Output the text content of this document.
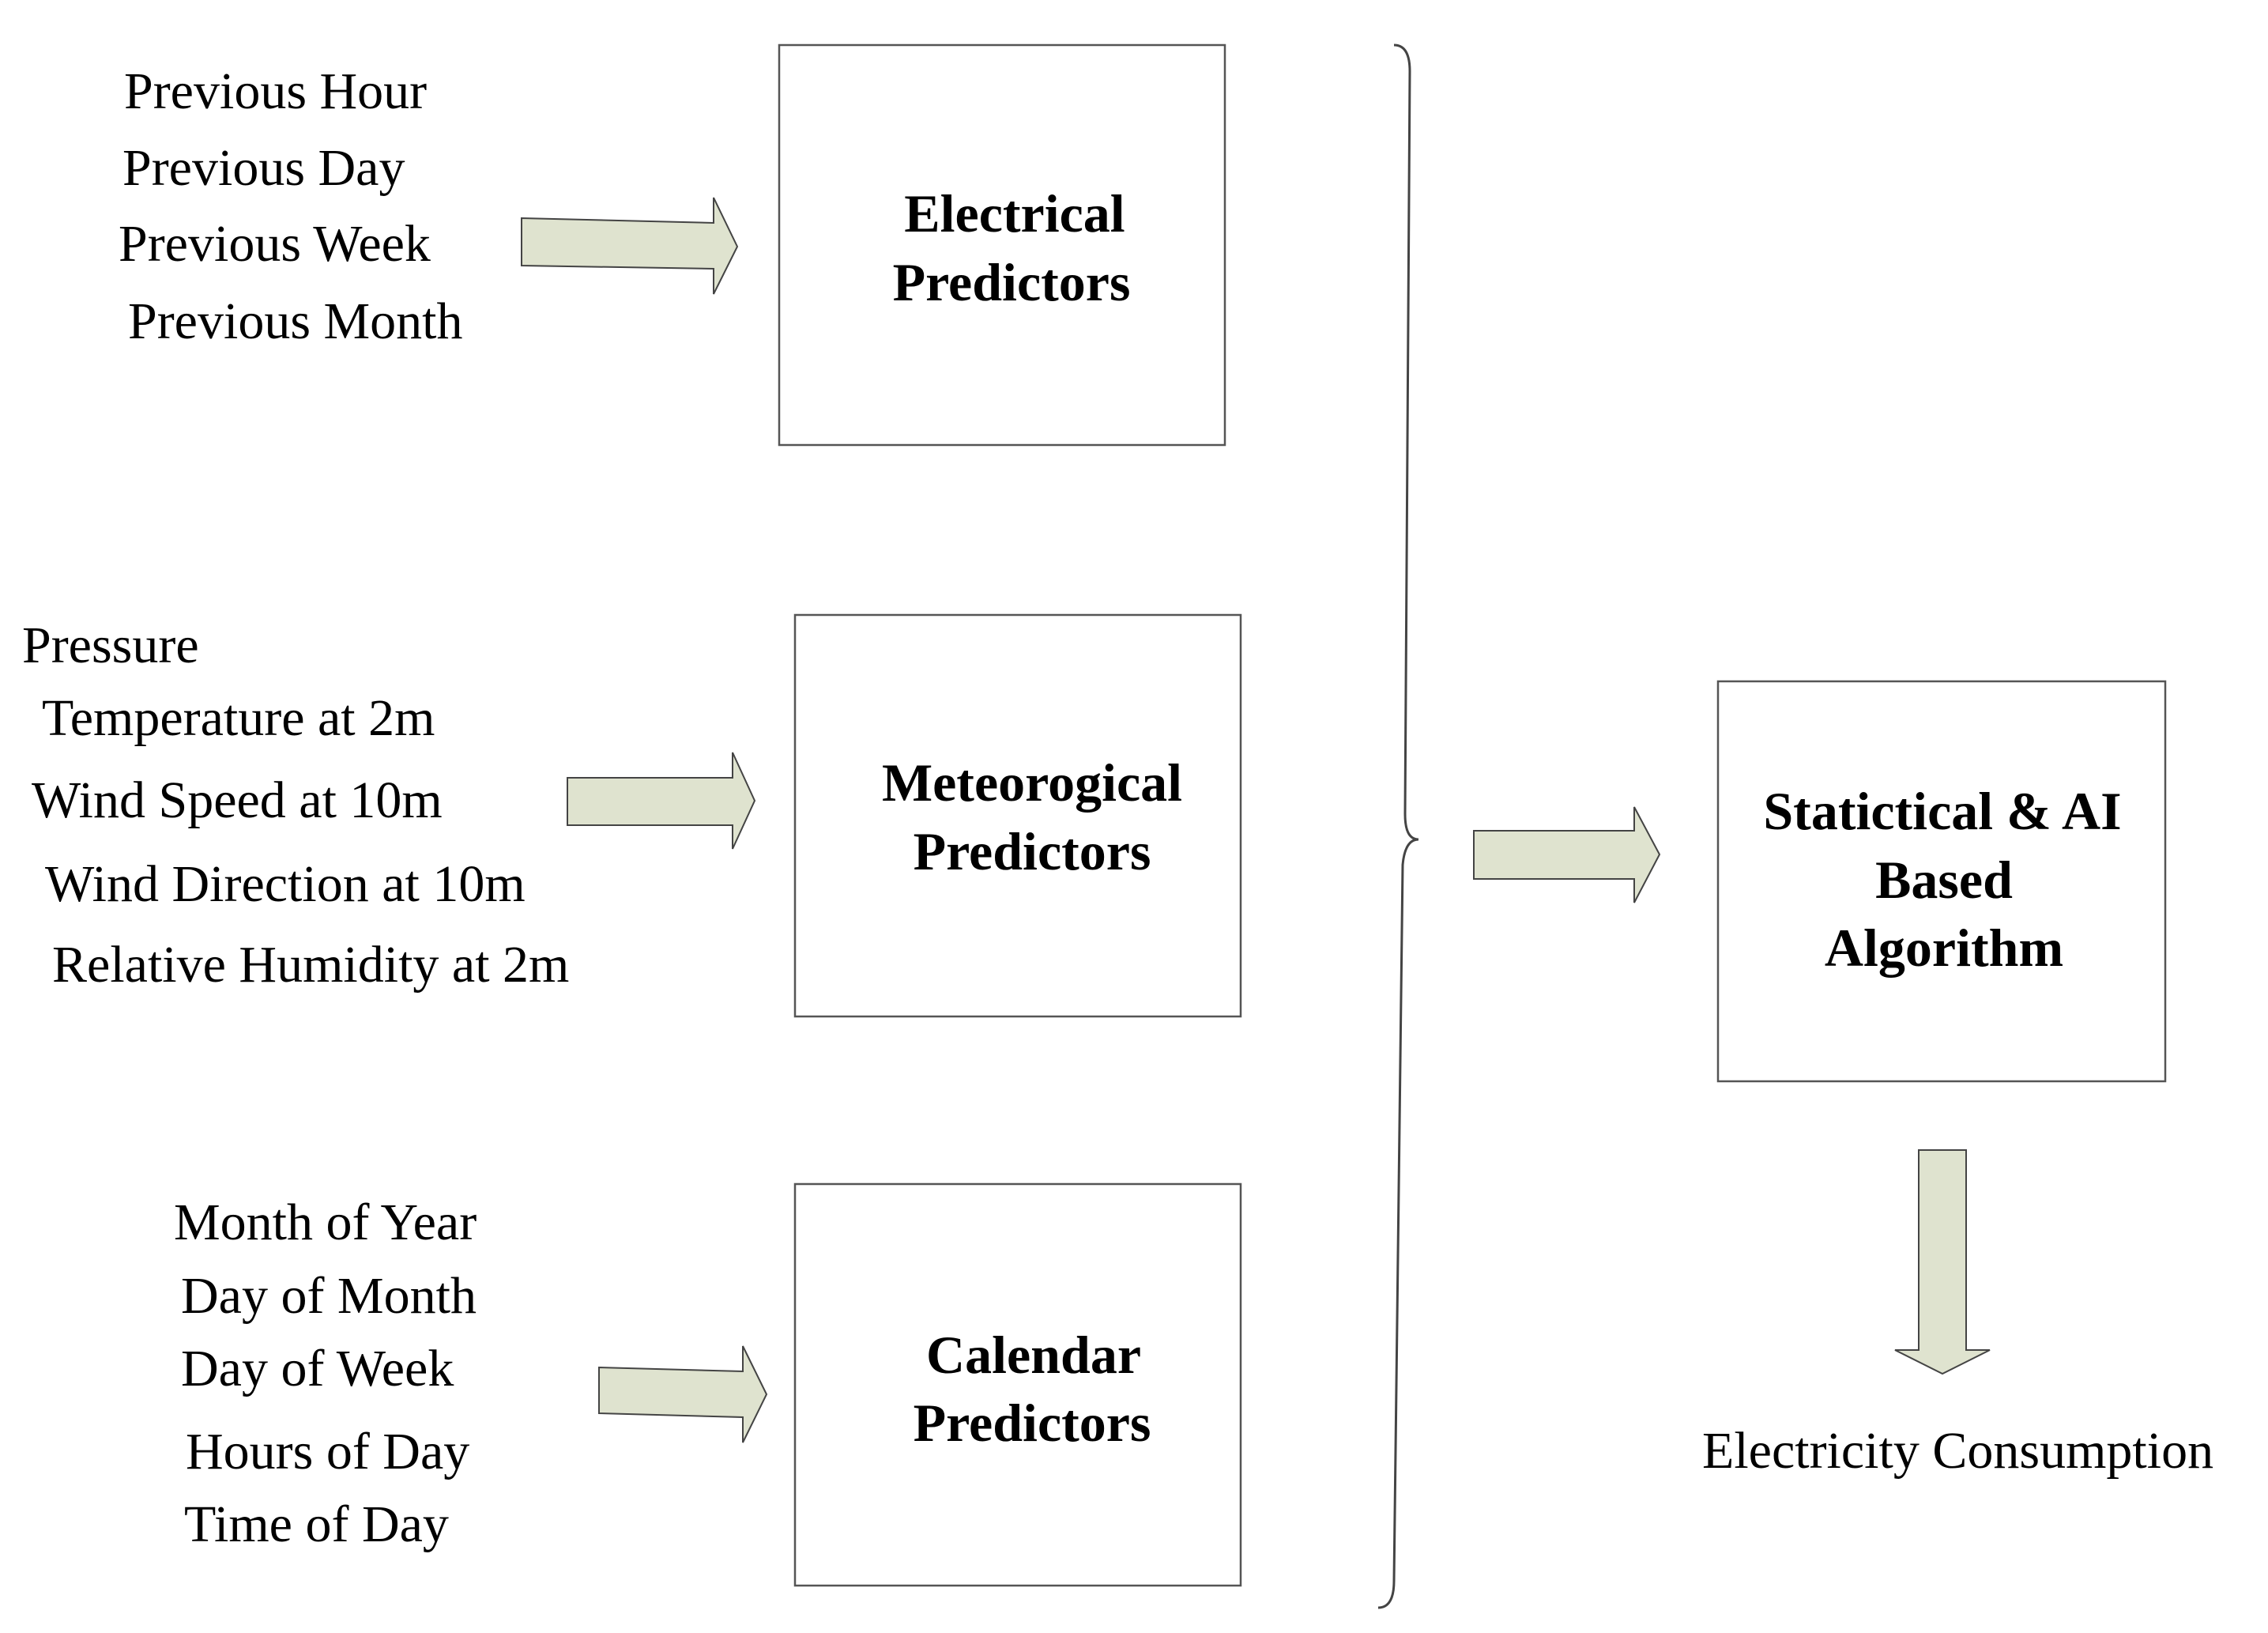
Previous Hour
Previous Day
Previous Week
Previous Month
Electrical
Predictors
Pressure
Temperature at 2m
Wind Speed at 10m
Wind Direction at 10m
Relative Humidity at 2m
Meteorogical
Predictors
Month of Year
Day of Month
Day of Week
Hours of Day
Time of Day
Calendar
Predictors
Statictical & AI
Based
Algorithm
Electricity Consumption
